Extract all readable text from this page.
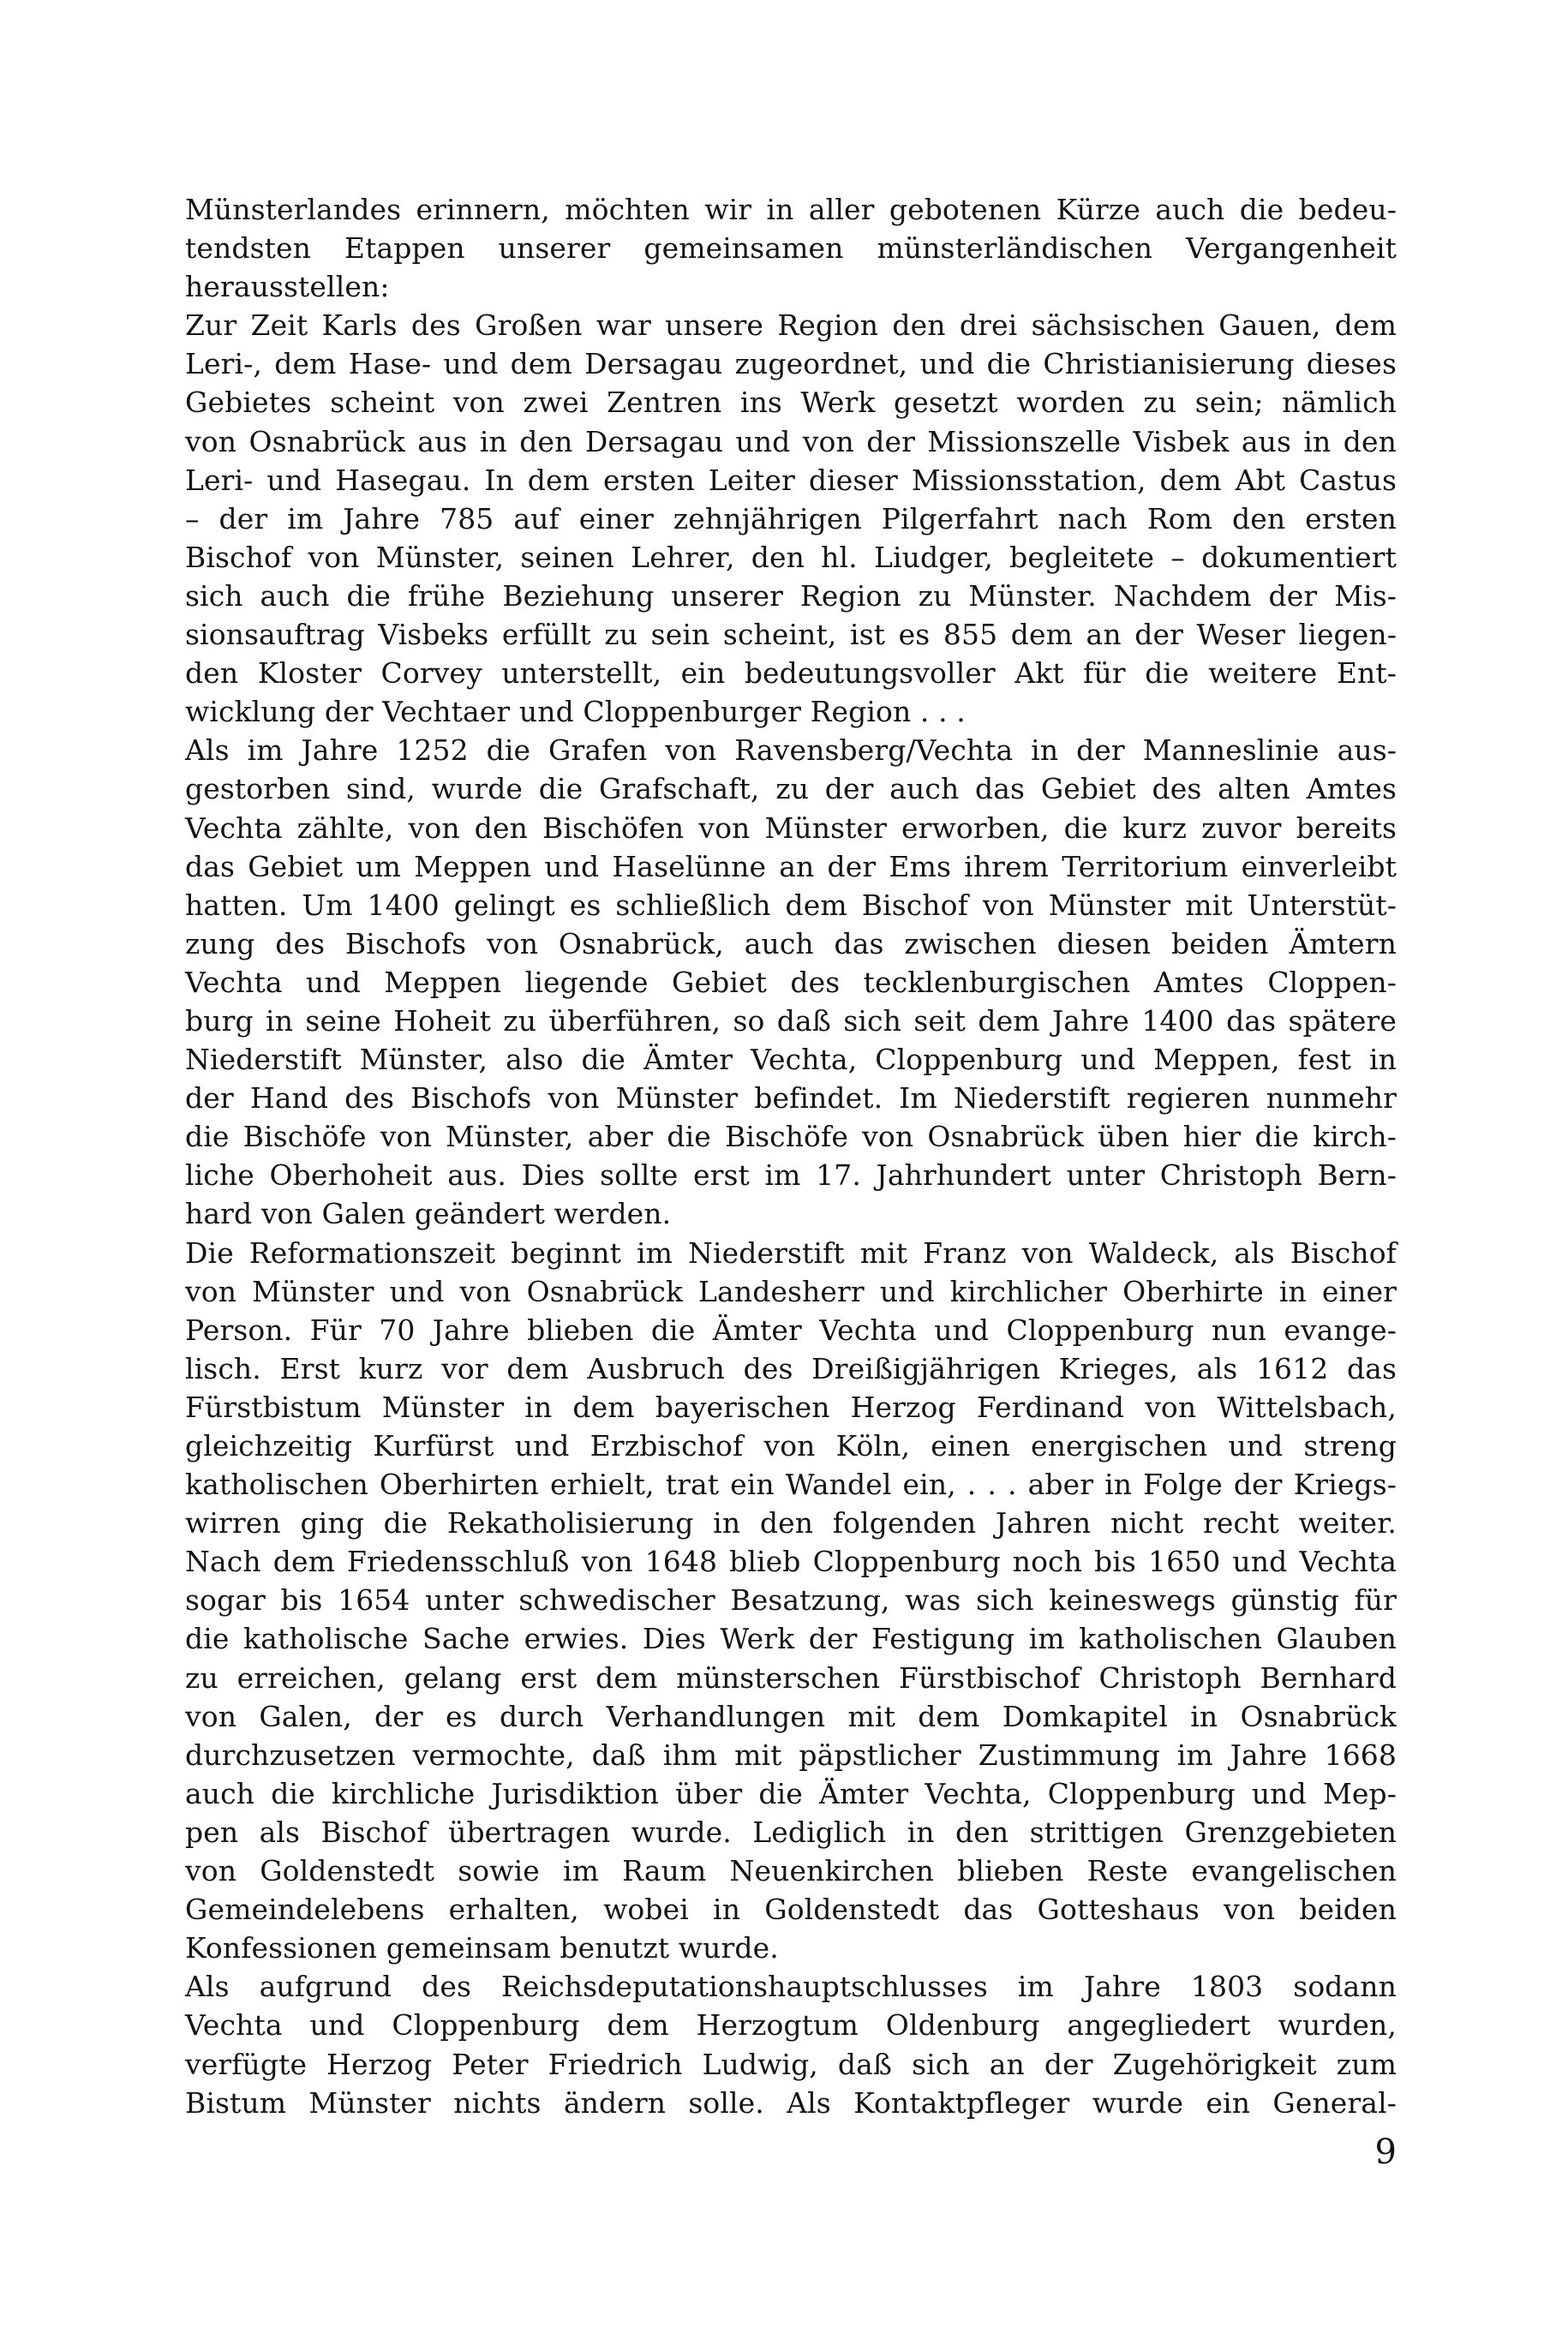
Münsterlandes erinnern, möchten wir in aller gebotenen Kürze auch die bedeu-
tendsten Etappen unserer gemeinsamen münsterländischen Vergangenheit
herausstellen:
Zur Zeit Karls des Großen war unsere Region den drei sächsischen Gauen, dem
Leri-, dem Hase- und dem Dersagau zugeordnet, und die Christianisierung dieses
Gebietes scheint von zwei Zentren ins Werk gesetzt worden zu sein; nämlich
von Osnabrück aus in den Dersagau und von der Missionszelle Visbek aus in den
Leri- und Hasegau. In dem ersten Leiter dieser Missionsstation, dem Abt Castus
– der im Jahre 785 auf einer zehnjährigen Pilgerfahrt nach Rom den ersten
Bischof von Münster, seinen Lehrer, den hl. Liudger, begleitete – dokumentiert
sich auch die frühe Beziehung unserer Region zu Münster. Nachdem der Mis-
sionsauftrag Visbeks erfüllt zu sein scheint, ist es 855 dem an der Weser liegen-
den Kloster Corvey unterstellt, ein bedeutungsvoller Akt für die weitere Ent-
wicklung der Vechtaer und Cloppenburger Region . . .
Als im Jahre 1252 die Grafen von Ravensberg/Vechta in der Manneslinie aus-
gestorben sind, wurde die Grafschaft, zu der auch das Gebiet des alten Amtes
Vechta zählte, von den Bischöfen von Münster erworben, die kurz zuvor bereits
das Gebiet um Meppen und Haselünne an der Ems ihrem Territorium einverleibt
hatten. Um 1400 gelingt es schließlich dem Bischof von Münster mit Unterstüt-
zung des Bischofs von Osnabrück, auch das zwischen diesen beiden Ämtern
Vechta und Meppen liegende Gebiet des tecklenburgischen Amtes Cloppen-
burg in seine Hoheit zu überführen, so daß sich seit dem Jahre 1400 das spätere
Niederstift Münster, also die Ämter Vechta, Cloppenburg und Meppen, fest in
der Hand des Bischofs von Münster befindet. Im Niederstift regieren nunmehr
die Bischöfe von Münster, aber die Bischöfe von Osnabrück üben hier die kirch-
liche Oberhoheit aus. Dies sollte erst im 17. Jahrhundert unter Christoph Bern-
hard von Galen geändert werden.
Die Reformationszeit beginnt im Niederstift mit Franz von Waldeck, als Bischof
von Münster und von Osnabrück Landesherr und kirchlicher Oberhirte in einer
Person. Für 70 Jahre blieben die Ämter Vechta und Cloppenburg nun evange-
lisch. Erst kurz vor dem Ausbruch des Dreißigjährigen Krieges, als 1612 das
Fürstbistum Münster in dem bayerischen Herzog Ferdinand von Wittelsbach,
gleichzeitig Kurfürst und Erzbischof von Köln, einen energischen und streng
katholischen Oberhirten erhielt, trat ein Wandel ein, . . . aber in Folge der Kriegs-
wirren ging die Rekatholisierung in den folgenden Jahren nicht recht weiter.
Nach dem Friedensschluß von 1648 blieb Cloppenburg noch bis 1650 und Vechta
sogar bis 1654 unter schwedischer Besatzung, was sich keineswegs günstig für
die katholische Sache erwies. Dies Werk der Festigung im katholischen Glauben
zu erreichen, gelang erst dem münsterschen Fürstbischof Christoph Bernhard
von Galen, der es durch Verhandlungen mit dem Domkapitel in Osnabrück
durchzusetzen vermochte, daß ihm mit päpstlicher Zustimmung im Jahre 1668
auch die kirchliche Jurisdiktion über die Ämter Vechta, Cloppenburg und Mep-
pen als Bischof übertragen wurde. Lediglich in den strittigen Grenzgebieten
von Goldenstedt sowie im Raum Neuenkirchen blieben Reste evangelischen
Gemeindelebens erhalten, wobei in Goldenstedt das Gotteshaus von beiden
Konfessionen gemeinsam benutzt wurde.
Als aufgrund des Reichsdeputationshauptschlusses im Jahre 1803 sodann
Vechta und Cloppenburg dem Herzogtum Oldenburg angegliedert wurden,
verfügte Herzog Peter Friedrich Ludwig, daß sich an der Zugehörigkeit zum
Bistum Münster nichts ändern solle. Als Kontaktpfleger wurde ein General-
9
